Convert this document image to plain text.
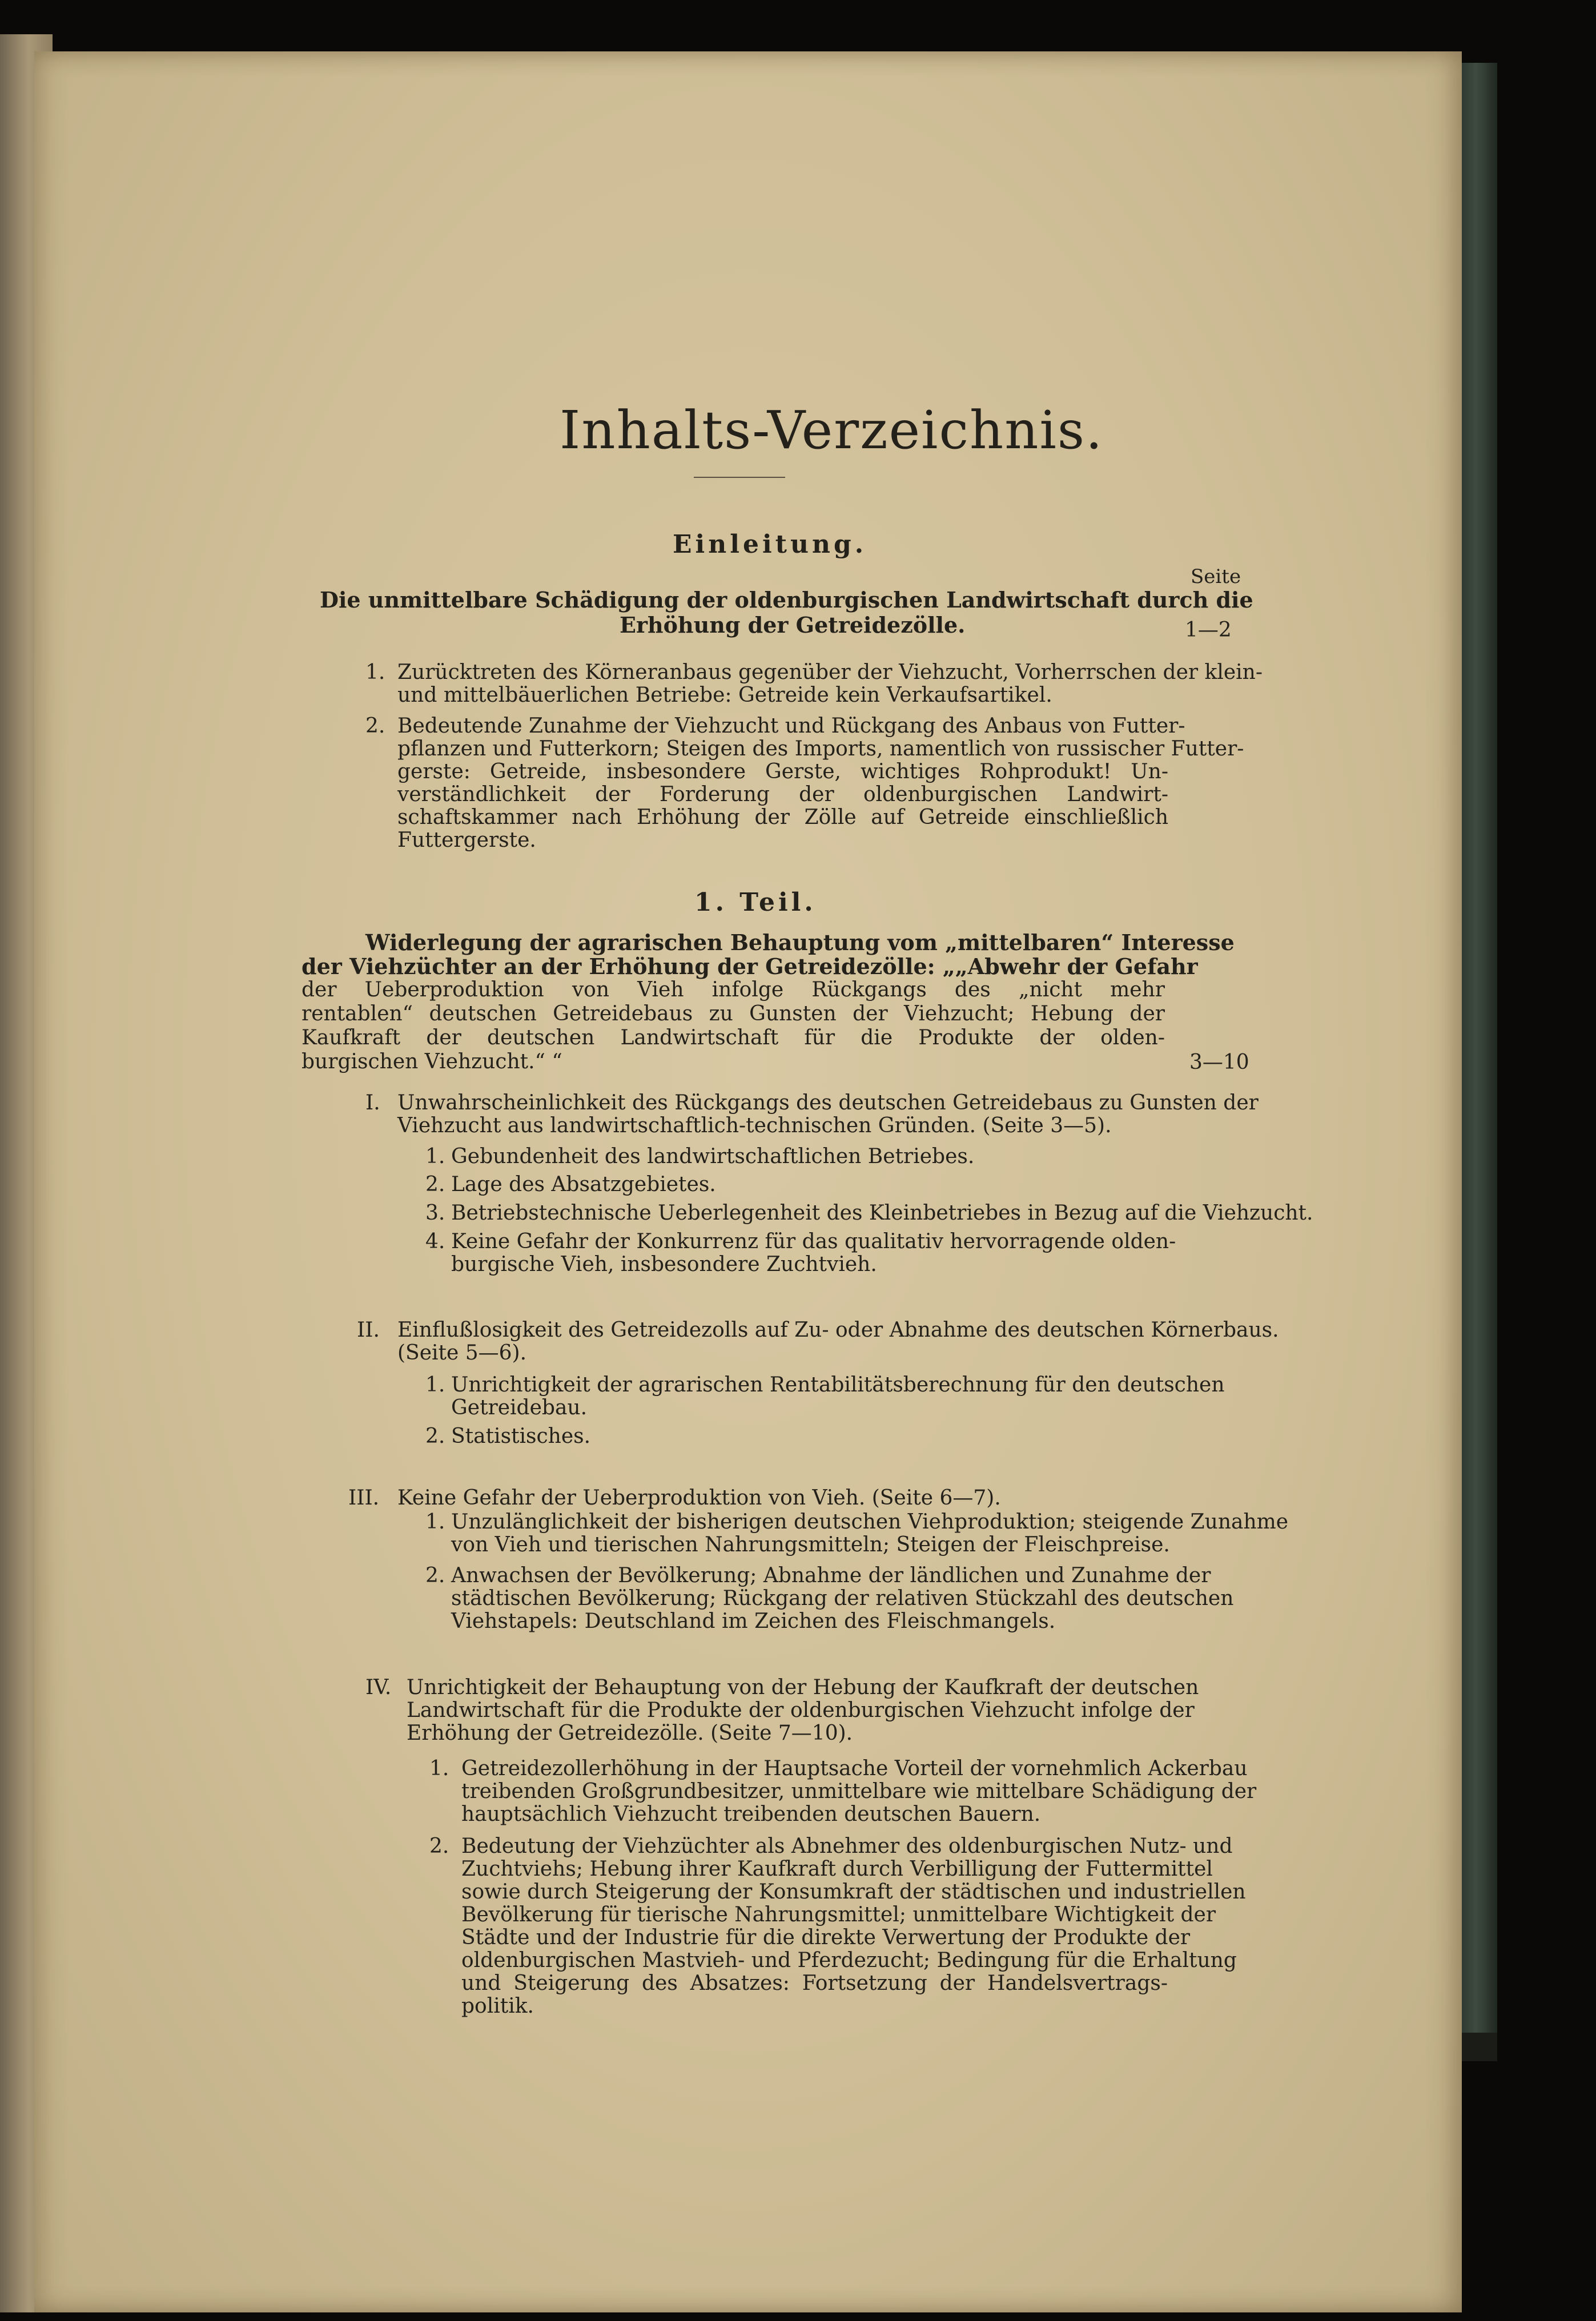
Inhalts-Verzeichnis.
Einleitung.
Seite
Die unmittelbare Schädigung der oldenburgischen Landwirtschaft durch die
Erhöhung der Getreidezölle.	1—2
1. Zurücktreten des Körneranbaus gegenüber der Viehzucht, Vorherrschen der klein-
und mittelbäuerlichen Betriebe: Getreide kein Verkaufsartikel.
2. Bedeutende Zunahme der Viehzucht und Rückgang des Anbaus von Futter-
pflanzen und Futterkorn; Steigen des Imports, namentlich von russischer Futter-
gerste: Getreide, insbesondere Gerste, wichtiges Rohprodukt! Un-
verständlichkeit der Forderung der oldenburgischen Landwirt-
schaftskammer nach Erhöhung der Zölle auf Getreide einschließlich
Futtergerste.
1. Teil.
Widerlegung der agrarischen Behauptung vom „mittelbaren“ Interesse
der Viehzüchter an der Erhöhung der Getreidezölle: „„Abwehr der Gefahr
der Ueberproduktion von Vieh infolge Rückgangs des „nicht mehr
rentablen“ deutschen Getreidebaus zu Gunsten der Viehzucht; Hebung der
Kaufkraft der deutschen Landwirtschaft für die Produkte der olden-
burgischen Viehzucht.“ “	3—10
I. Unwahrscheinlichkeit des Rückgangs des deutschen Getreidebaus zu Gunsten der
Viehzucht aus landwirtschaftlich-technischen Gründen. (Seite 3—5).
1. Gebundenheit des landwirtschaftlichen Betriebes.
2. Lage des Absatzgebietes.
3. Betriebstechnische Ueberlegenheit des Kleinbetriebes in Bezug auf die Viehzucht.
4. Keine Gefahr der Konkurrenz für das qualitativ hervorragende olden-
burgische Vieh, insbesondere Zuchtvieh.
II. Einflußlosigkeit des Getreidezolls auf Zu- oder Abnahme des deutschen Körnerbaus.
(Seite 5—6).
1. Unrichtigkeit der agrarischen Rentabilitätsberechnung für den deutschen
Getreidebau.
2. Statistisches.
III. Keine Gefahr der Ueberproduktion von Vieh. (Seite 6—7).
1. Unzulänglichkeit der bisherigen deutschen Viehproduktion; steigende Zunahme
von Vieh und tierischen Nahrungsmitteln; Steigen der Fleischpreise.
2. Anwachsen der Bevölkerung; Abnahme der ländlichen und Zunahme der
städtischen Bevölkerung; Rückgang der relativen Stückzahl des deutschen
Viehstapels: Deutschland im Zeichen des Fleischmangels.
IV. Unrichtigkeit der Behauptung von der Hebung der Kaufkraft der deutschen
Landwirtschaft für die Produkte der oldenburgischen Viehzucht infolge der
Erhöhung der Getreidezölle. (Seite 7—10).
1. Getreidezollerhöhung in der Hauptsache Vorteil der vornehmlich Ackerbau
treibenden Großgrundbesitzer, unmittelbare wie mittelbare Schädigung der
hauptsächlich Viehzucht treibenden deutschen Bauern.
2. Bedeutung der Viehzüchter als Abnehmer des oldenburgischen Nutz- und
Zuchtviehs; Hebung ihrer Kaufkraft durch Verbilligung der Futtermittel
sowie durch Steigerung der Konsumkraft der städtischen und industriellen
Bevölkerung für tierische Nahrungsmittel; unmittelbare Wichtigkeit der
Städte und der Industrie für die direkte Verwertung der Produkte der
oldenburgischen Mastvieh- und Pferdezucht; Bedingung für die Erhaltung
und Steigerung des Absatzes: Fortsetzung der Handelsvertrags-
politik.
